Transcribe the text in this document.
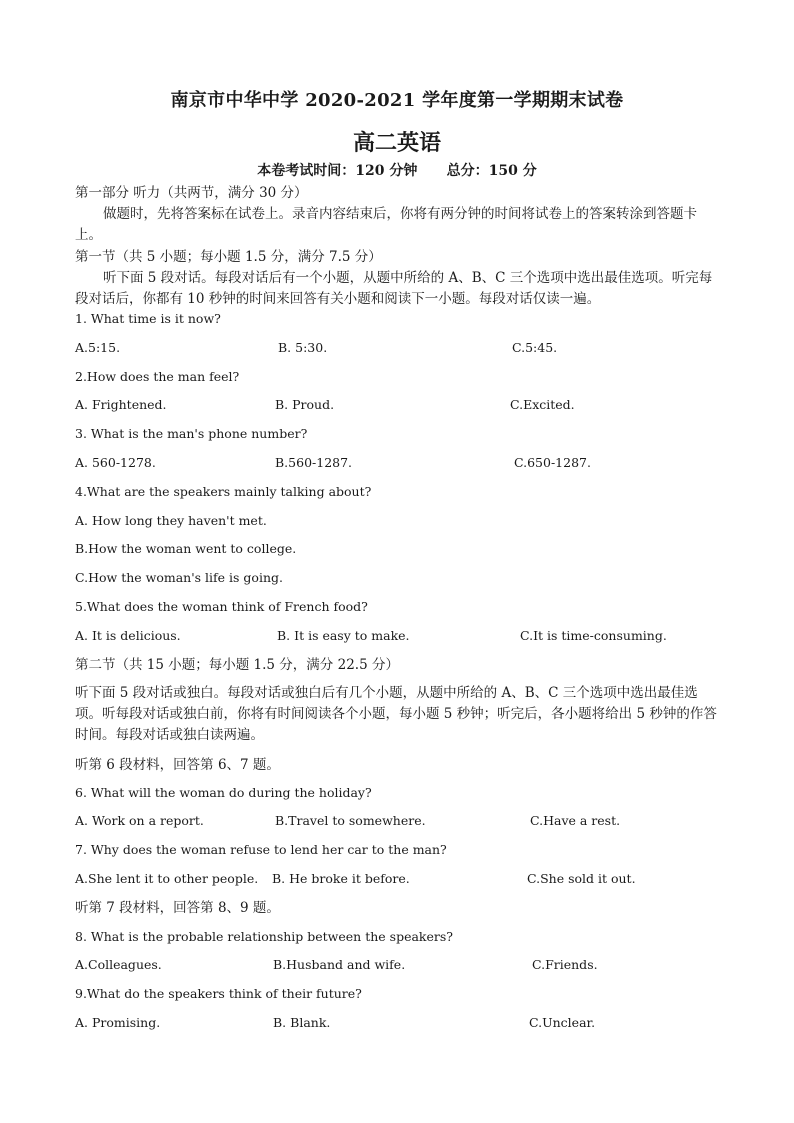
南京市中华中学 2020-2021 学年度第一学期期末试卷
高二英语
本卷考试时间：120 分钟      总分：150 分
第一部分 听力（共两节，满分 30 分）
做题时，先将答案标在试卷上。录音内容结束后，你将有两分钟的时间将试卷上的答案转涂到答题卡上。
第一节（共 5 小题；每小题 1.5 分，满分 7.5 分）
听下面 5 段对话。每段对话后有一个小题，从题中所给的 A、B、C 三个选项中选出最佳选项。听完每段对话后，你都有 10 秒钟的时间来回答有关小题和阅读下一小题。每段对话仅读一遍。
1. What time is it now?
A.5:15.	B. 5:30.	C.5:45.
2.How does the man feel?
A. Frightened.	B. Proud.	C.Excited.
3. What is the man's phone number?
A. 560-1278.	B.560-1287.	C.650-1287.
4.What are the speakers mainly talking about?
A. How long they haven't met.
B.How the woman went to college.
C.How the woman's life is going.
5.What does the woman think of French food?
A. It is delicious.	B. It is easy to make.	C.It is time-consuming.
第二节（共 15 小题；每小题 1.5 分，满分 22.5 分）
听下面 5 段对话或独白。每段对话或独白后有几个小题，从题中所给的 A、B、C 三个选项中选出最佳选项。听每段对话或独白前，你将有时间阅读各个小题，每小题 5 秒钟；听完后，各小题将给出 5 秒钟的作答时间。每段对话或独白读两遍。
听第 6 段材料，回答第 6、7 题。
6. What will the woman do during the holiday?
A. Work on a report.	B.Travel to somewhere.	C.Have a rest.
7. Why does the woman refuse to lend her car to the man?
A.She lent it to other people. B. He broke it before.	C.She sold it out.
听第 7 段材料，回答第 8、9 题。
8. What is the probable relationship between the speakers?
A.Colleagues.	B.Husband and wife.	C.Friends.
9.What do the speakers think of their future?
A. Promising.	B. Blank.	C.Unclear.
